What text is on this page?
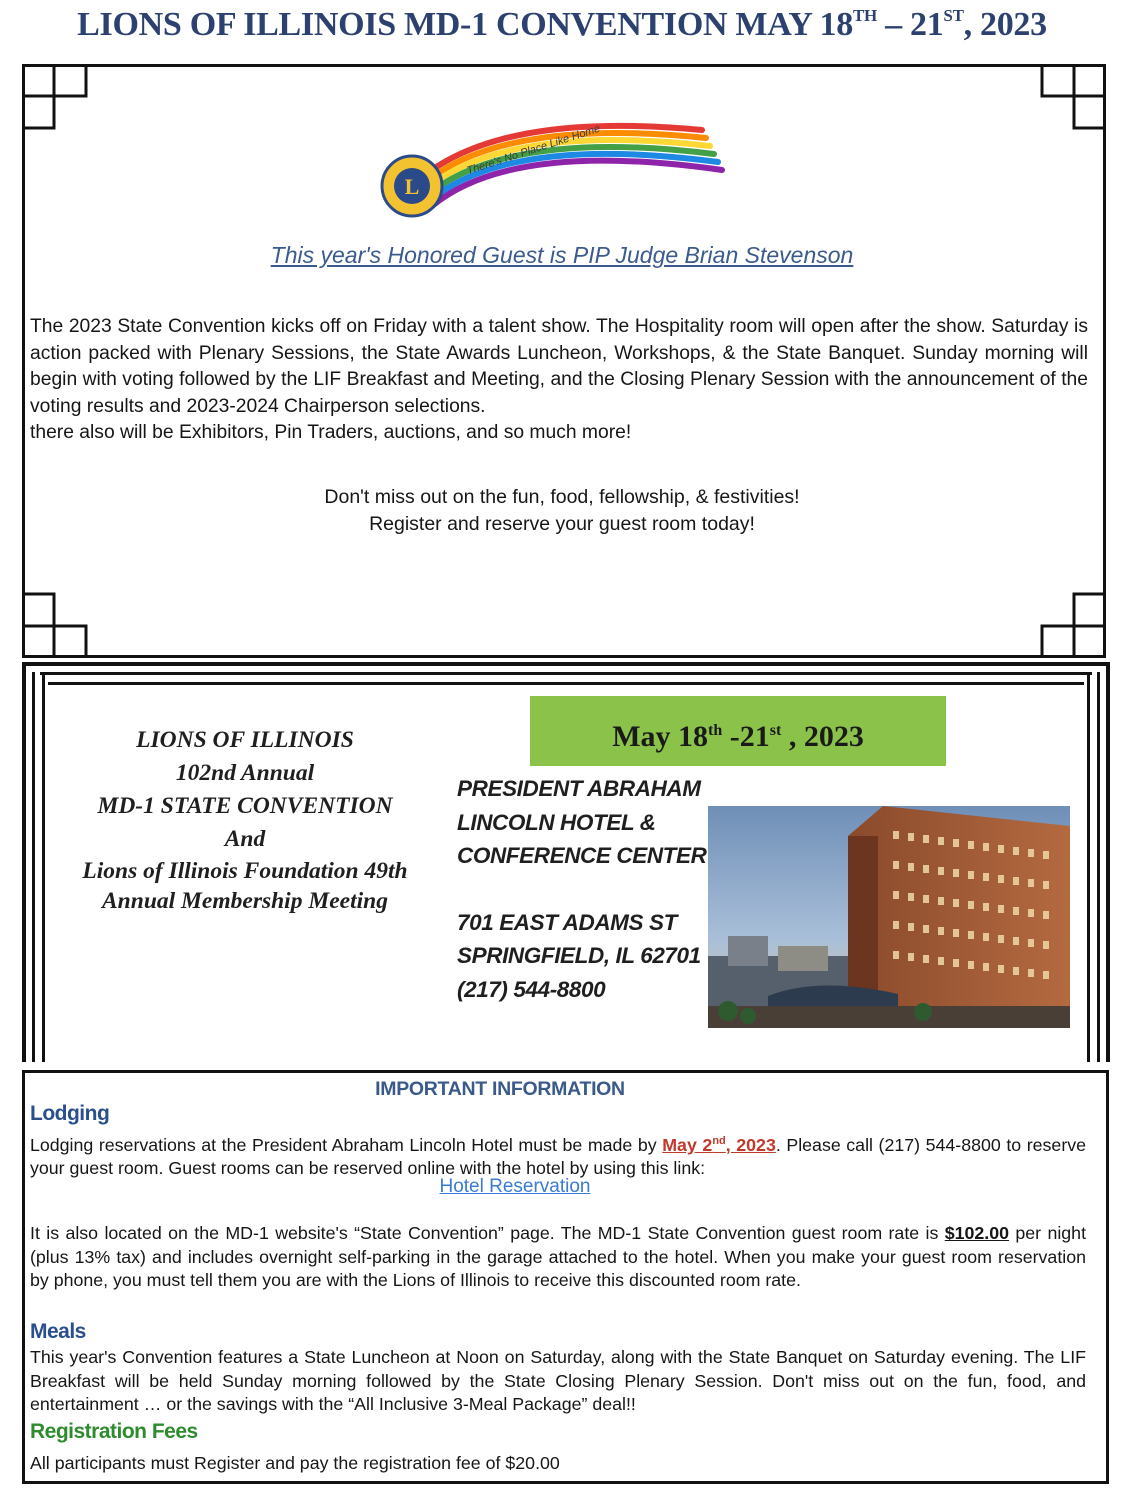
LIONS OF ILLINOIS MD-1 CONVENTION MAY 18TH – 21ST, 2023
There's No Place Like Home
L
This year's Honored Guest is PIP Judge Brian Stevenson

The 2023 State Convention kicks off on Friday with a talent show. The Hospitality room will open after the show. Saturday is action packed with Plenary Sessions, the State Awards Luncheon, Workshops, & the State Banquet. Sunday morning will begin with voting followed by the LIF Breakfast and Meeting, and the Closing Plenary Session with the announcement of the voting results and 2023-2024 Chairperson selections.

there also will be Exhibitors, Pin Traders, auctions, and so much more!

Don't miss out on the fun, food, fellowship, & festivities!
Register and reserve your guest room today!
LIONS OF ILLINOIS
102nd Annual
MD-1 STATE CONVENTION
And
Lions of Illinois Foundation 49th
Annual Membership Meeting
May 18th -21st , 2023
PRESIDENT ABRAHAM
LINCOLN HOTEL &
CONFERENCE CENTER
701 EAST ADAMS ST
SPRINGFIELD, IL 62701
(217) 544-8800
IMPORTANT INFORMATION
Lodging
Lodging reservations at the President Abraham Lincoln Hotel must be made by May 2nd, 2023. Please call (217) 544-8800 to reserve your guest room. Guest rooms can be reserved online with the hotel by using this link:
Hotel Reservation
It is also located on the MD-1 website's “State Convention” page. The MD-1 State Convention guest room rate is $102.00 per night (plus 13% tax) and includes overnight self-parking in the garage attached to the hotel. When you make your guest room reservation by phone, you must tell them you are with the Lions of Illinois to receive this discounted room rate.
Meals
This year's Convention features a State Luncheon at Noon on Saturday, along with the State Banquet on Saturday evening. The LIF Breakfast will be held Sunday morning followed by the State Closing Plenary Session. Don't miss out on the fun, food, and entertainment … or the savings with the “All Inclusive 3-Meal Package” deal!!
Registration Fees
All participants must Register and pay the registration fee of $20.00
